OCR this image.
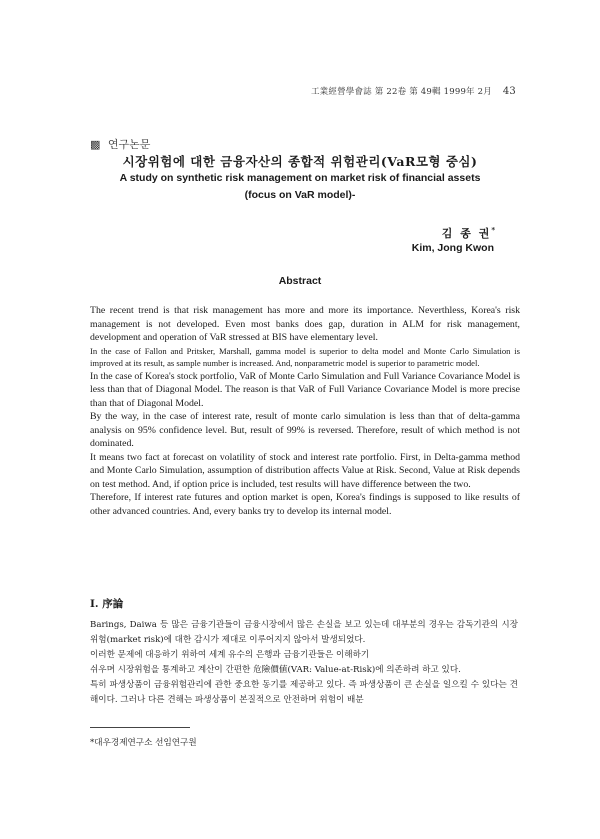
工業經營學會誌 第 22卷 第 49輯 1999年 2月 43
▩ 연구논문
시장위험에 대한 금융자산의 종합적 위험관리(VaR모형 중심)
A study on synthetic risk management on market risk of financial assets
(focus on VaR model)-
김 종 권*
Kim, Jong Kwon
Abstract

The recent trend is that risk management has more and more its importance. Neverthless, Korea's risk management is not developed. Even most banks does gap, duration in ALM for risk management, development and operation of VaR stressed at BIS have elementary level.

In the case of Fallon and Pritsker, Marshall, gamma model is superior to delta model and Monte Carlo Simulation is improved at its result, as sample number is increased. And, nonparametric model is superior to parametric model.

In the case of Korea's stock portfolio, VaR of Monte Carlo Simulation and Full Variance Covariance Model is less than that of Diagonal Model. The reason is that VaR of Full Variance Covariance Model is more precise than that of Diagonal Model.

By the way, in the case of interest rate, result of monte carlo simulation is less than that of delta-gamma analysis on 95% confidence level. But, result of 99% is reversed. Therefore, result of which method is not dominated.

It means two fact at forecast on volatility of stock and interest rate portfolio. First, in Delta-gamma method and Monte Carlo Simulation, assumption of distribution affects Value at Risk. Second, Value at Risk depends on test method. And, if option price is included, test results will have difference between the two.

Therefore, If interest rate futures and option market is open, Korea's findings is supposed to like results of other advanced countries. And, every banks try to develop its internal model.

Ⅰ. 序論

Barings, Daiwa 등 많은 금융기관들이 금융시장에서 많은 손실을 보고 있는데 대부분의 경우는 감독기관의 시장위험(market risk)에 대한 감시가 제대로 이루어지지 않아서 발생되었다.

이러한 문제에 대응하기 위하여 세계 유수의 은행과 금융기관들은 이해하기

쉬우며 시장위험을 통계하고 계산이 간편한 危險價値(VAR: Value-at-Risk)에 의존하려 하고 있다.

특히 파생상품이 금융위험관리에 관한 중요한 동기를 제공하고 있다. 즉 파생상품이 큰 손실을 일으킬 수 있다는 견해이다. 그러나 다른 견해는 파생상품이 본질적으로 안전하며 위험이 배분

*대우경제연구소 선임연구원
